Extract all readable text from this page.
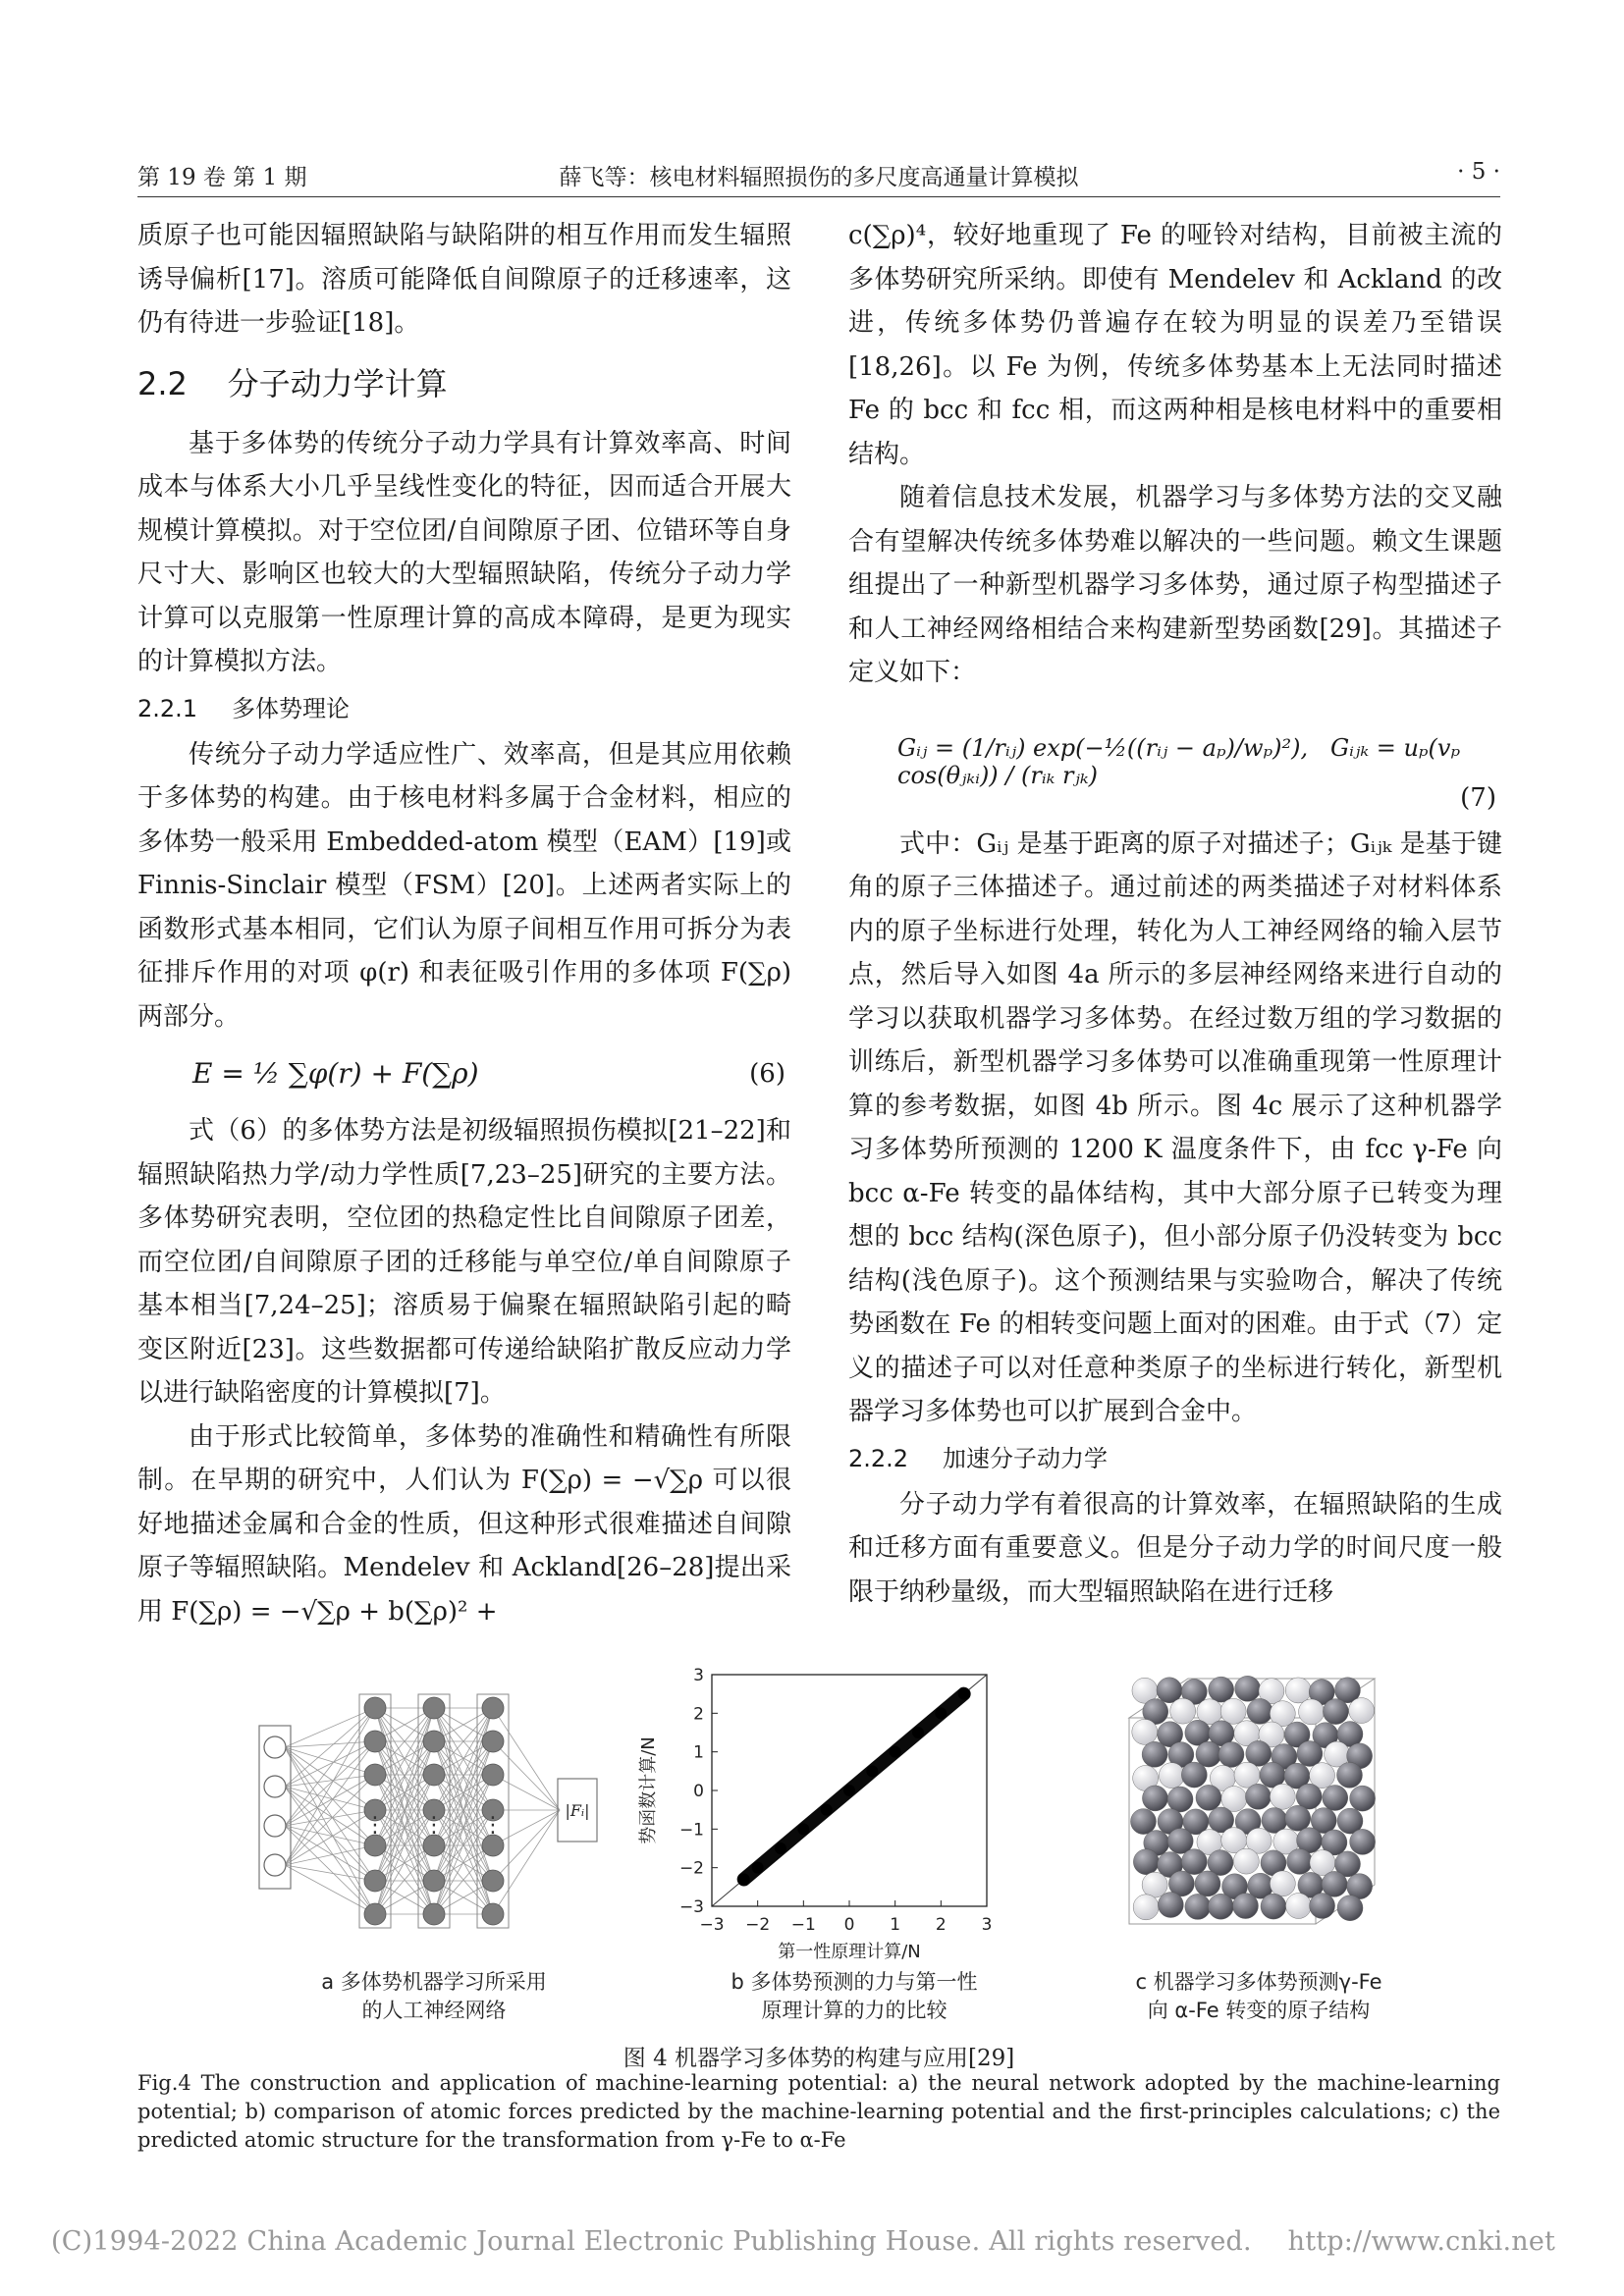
第 19 卷 第 1 期	薛飞等：核电材料辐照损伤的多尺度高通量计算模拟	· 5 ·
质原子也可能因辐照缺陷与缺陷阱的相互作用而发生辐照诱导偏析[17]。溶质可能降低自间隙原子的迁移速率，这仍有待进一步验证[18]。
2.2 分子动力学计算
基于多体势的传统分子动力学具有计算效率高、时间成本与体系大小几乎呈线性变化的特征，因而适合开展大规模计算模拟。对于空位团/自间隙原子团、位错环等自身尺寸大、影响区也较大的大型辐照缺陷，传统分子动力学计算可以克服第一性原理计算的高成本障碍，是更为现实的计算模拟方法。
2.2.1 多体势理论
传统分子动力学适应性广、效率高，但是其应用依赖于多体势的构建。由于核电材料多属于合金材料，相应的多体势一般采用 Embedded-atom 模型（EAM）[19]或 Finnis-Sinclair 模型（FSM）[20]。上述两者实际上的函数形式基本相同，它们认为原子间相互作用可拆分为表征排斥作用的对项 φ(r) 和表征吸引作用的多体项 F(∑ρ) 两部分。
E = ½ ∑φ(r) + F(∑ρ)	(6)
式（6）的多体势方法是初级辐照损伤模拟[21–22]和辐照缺陷热力学/动力学性质[7,23–25]研究的主要方法。多体势研究表明，空位团的热稳定性比自间隙原子团差，而空位团/自间隙原子团的迁移能与单空位/单自间隙原子基本相当[7,24–25]；溶质易于偏聚在辐照缺陷引起的畸变区附近[23]。这些数据都可传递给缺陷扩散反应动力学以进行缺陷密度的计算模拟[7]。
由于形式比较简单，多体势的准确性和精确性有所限制。在早期的研究中，人们认为 F(∑ρ) = −√∑ρ 可以很好地描述金属和合金的性质，但这种形式很难描述自间隙原子等辐照缺陷。Mendelev 和 Ackland[26–28]提出采用 F(∑ρ) = −√∑ρ + b(∑ρ)² +
c(∑ρ)⁴，较好地重现了 Fe 的哑铃对结构，目前被主流的多体势研究所采纳。即使有 Mendelev 和 Ackland 的改进，传统多体势仍普遍存在较为明显的误差乃至错误[18,26]。以 Fe 为例，传统多体势基本上无法同时描述 Fe 的 bcc 和 fcc 相，而这两种相是核电材料中的重要相结构。
随着信息技术发展，机器学习与多体势方法的交叉融合有望解决传统多体势难以解决的一些问题。赖文生课题组提出了一种新型机器学习多体势，通过原子构型描述子和人工神经网络相结合来构建新型势函数[29]。其描述子定义如下：
Gᵢⱼ = (1/rᵢⱼ) exp(−½((rᵢⱼ − aₚ)/wₚ)²), Gᵢⱼₖ = uₚ(vₚ cos(θⱼₖᵢ)) / (rᵢₖ rⱼₖ)
(7)
式中：Gᵢⱼ 是基于距离的原子对描述子；Gᵢⱼₖ 是基于键角的原子三体描述子。通过前述的两类描述子对材料体系内的原子坐标进行处理，转化为人工神经网络的输入层节点，然后导入如图 4a 所示的多层神经网络来进行自动的学习以获取机器学习多体势。在经过数万组的学习数据的训练后，新型机器学习多体势可以准确重现第一性原理计算的参考数据，如图 4b 所示。图 4c 展示了这种机器学习多体势所预测的 1200 K 温度条件下，由 fcc γ-Fe 向 bcc α-Fe 转变的晶体结构，其中大部分原子已转变为理想的 bcc 结构(深色原子)，但小部分原子仍没转变为 bcc 结构(浅色原子)。这个预测结果与实验吻合，解决了传统势函数在 Fe 的相转变问题上面对的困难。由于式（7）定义的描述子可以对任意种类原子的坐标进行转化，新型机器学习多体势也可以扩展到合金中。
2.2.2 加速分子动力学
分子动力学有着很高的计算效率，在辐照缺陷的生成和迁移方面有重要意义。但是分子动力学的时间尺度一般限于纳秒量级，而大型辐照缺陷在进行迁移
⋮ ⋮ ⋮
|Fᵢ|
a 多体势机器学习所采用
的人工神经网络
−3 −2 −1 0 1 2 3
3
2
1
0
−1
−2
−3
第一性原理计算/N
势函数计算/N
b 多体势预测的力与第一性
原理计算的力的比较
c 机器学习多体势预测γ-Fe
向 α-Fe 转变的原子结构
图 4 机器学习多体势的构建与应用[29]
Fig.4 The construction and application of machine-learning potential: a) the neural network adopted by the machine-learning potential; b) comparison of atomic forces predicted by the machine-learning potential and the first-principles calculations; c) the predicted atomic structure for the transformation from γ-Fe to α-Fe
(C)1994-2022 China Academic Journal Electronic Publishing House. All rights reserved. http://www.cnki.net
